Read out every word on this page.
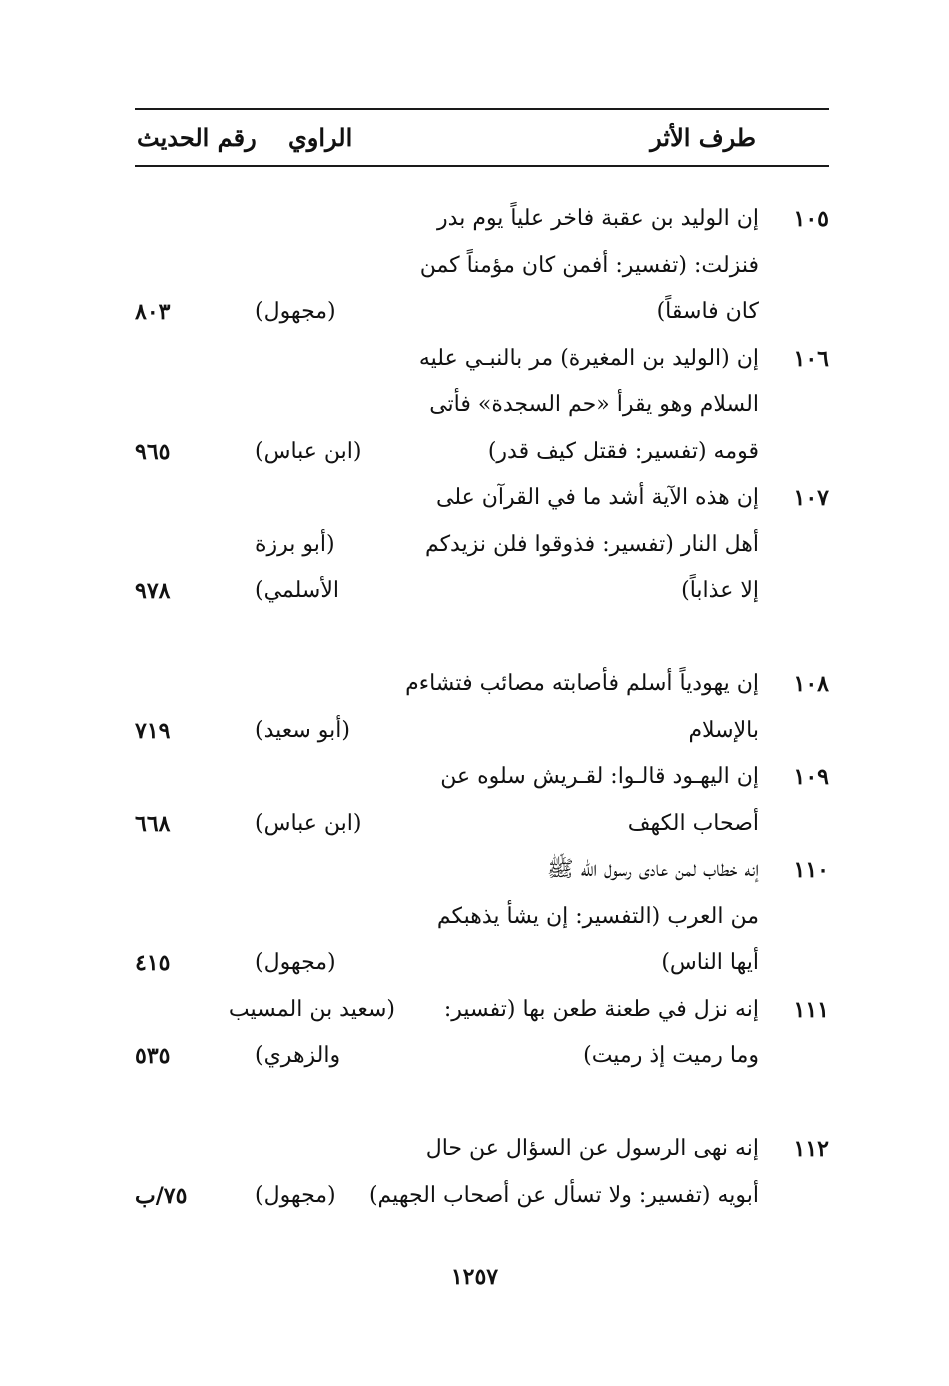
طرف الأثر
الراوي
رقم الحديث
١٠٥
إن الوليد بن عقبة فاخر علياً يوم بدر
فنزلت: (تفسير: أفمن كان مؤمناً كمن
كان فاسقاً)
(مجهول)
٨٠٣
١٠٦
إن (الوليد بن المغيرة) مر بالنبـي عليه
السلام وهو يقرأ «حم السجدة» فأتى
قومه (تفسير: فقتل كيف قدر)
(ابن عباس)
٩٦٥
١٠٧
إن هذه الآية أشد ما في القرآن على
أهل النار (تفسير: فذوقوا فلن نزيدكم
إلا عذاباً)
(أبو برزة
الأسلمي)
٩٧٨
١٠٨
إن يهودياً أسلم فأصابته مصائب فتشاءم
بالإسلام
(أبو سعيد)
٧١٩
١٠٩
إن اليهـود قالـوا: لقـريش سلوه عن
أصحاب الكهف
(ابن عباس)
٦٦٨
١١٠
إنه خطاب لمن عادى رسول اللّه ﷺ
من العرب (التفسير: إن يشأ يذهبكم
أيها الناس)
(مجهول)
٤١٥
١١١
إنه نزل في طعنة طعن بها (تفسير:
وما رميت إذ رميت)
(سعيد بن المسيب
والزهري)
٥٣٥
١١٢
إنه نهى الرسول عن السؤال عن حال
أبويه (تفسير: ولا تسأل عن أصحاب الجهيم)
(مجهول)
٧٥/ب
١٢٥٧
